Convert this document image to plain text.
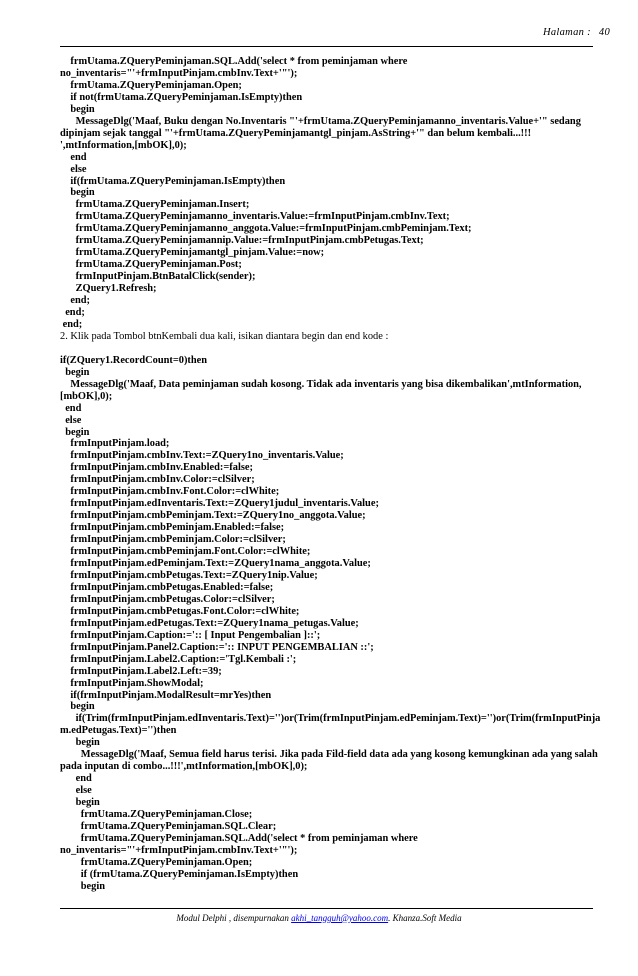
Halaman : 40
frmUtama.ZQueryPeminjaman.SQL.Add('select * from peminjaman where
no_inventaris="'+frmInputPinjam.cmbInv.Text+'"');
frmUtama.ZQueryPeminjaman.Open;
if not(frmUtama.ZQueryPeminjaman.IsEmpty)then
begin
MessageDlg('Maaf, Buku dengan No.Inventaris "'+frmUtama.ZQueryPeminjamanno_inventaris.Value+'" sedang
dipinjam sejak tanggal "'+frmUtama.ZQueryPeminjamantgl_pinjam.AsString+'" dan belum kembali...!!!
',mtInformation,[mbOK],0);
end
else
if(frmUtama.ZQueryPeminjaman.IsEmpty)then
begin
frmUtama.ZQueryPeminjaman.Insert;
frmUtama.ZQueryPeminjamanno_inventaris.Value:=frmInputPinjam.cmbInv.Text;
frmUtama.ZQueryPeminjamanno_anggota.Value:=frmInputPinjam.cmbPeminjam.Text;
frmUtama.ZQueryPeminjamannip.Value:=frmInputPinjam.cmbPetugas.Text;
frmUtama.ZQueryPeminjamantgl_pinjam.Value:=now;
frmUtama.ZQueryPeminjaman.Post;
frmInputPinjam.BtnBatalClick(sender);
ZQuery1.Refresh;
end;
end;
end;
2. Klik pada Tombol btnKembali dua kali, isikan diantara begin dan end kode :
if(ZQuery1.RecordCount=0)then
begin
MessageDlg('Maaf, Data peminjaman sudah kosong. Tidak ada inventaris yang bisa dikembalikan',mtInformation,
[mbOK],0);
end
else
begin
frmInputPinjam.load;
frmInputPinjam.cmbInv.Text:=ZQuery1no_inventaris.Value;
frmInputPinjam.cmbInv.Enabled:=false;
frmInputPinjam.cmbInv.Color:=clSilver;
frmInputPinjam.cmbInv.Font.Color:=clWhite;
frmInputPinjam.edInventaris.Text:=ZQuery1judul_inventaris.Value;
frmInputPinjam.cmbPeminjam.Text:=ZQuery1no_anggota.Value;
frmInputPinjam.cmbPeminjam.Enabled:=false;
frmInputPinjam.cmbPeminjam.Color:=clSilver;
frmInputPinjam.cmbPeminjam.Font.Color:=clWhite;
frmInputPinjam.edPeminjam.Text:=ZQuery1nama_anggota.Value;
frmInputPinjam.cmbPetugas.Text:=ZQuery1nip.Value;
frmInputPinjam.cmbPetugas.Enabled:=false;
frmInputPinjam.cmbPetugas.Color:=clSilver;
frmInputPinjam.cmbPetugas.Font.Color:=clWhite;
frmInputPinjam.edPetugas.Text:=ZQuery1nama_petugas.Value;
frmInputPinjam.Caption:=':: [ Input Pengembalian ]::';
frmInputPinjam.Panel2.Caption:=':: INPUT PENGEMBALIAN ::';
frmInputPinjam.Label2.Caption:='Tgl.Kembali :';
frmInputPinjam.Label2.Left:=39;
frmInputPinjam.ShowModal;
if(frmInputPinjam.ModalResult=mrYes)then
begin
if(Trim(frmInputPinjam.edInventaris.Text)='')or(Trim(frmInputPinjam.edPeminjam.Text)='')or(Trim(frmInputPinja
m.edPetugas.Text)='')then
begin
MessageDlg('Maaf, Semua field harus terisi. Jika pada Fild-field data ada yang kosong kemungkinan ada yang salah
pada inputan di combo...!!!',mtInformation,[mbOK],0);
end
else
begin
frmUtama.ZQueryPeminjaman.Close;
frmUtama.ZQueryPeminjaman.SQL.Clear;
frmUtama.ZQueryPeminjaman.SQL.Add('select * from peminjaman where
no_inventaris="'+frmInputPinjam.cmbInv.Text+'"');
frmUtama.ZQueryPeminjaman.Open;
if (frmUtama.ZQueryPeminjaman.IsEmpty)then
begin
Modul Delphi , disempurnakan akhi_tangguh@yahoo.com. Khanza.Soft Media
